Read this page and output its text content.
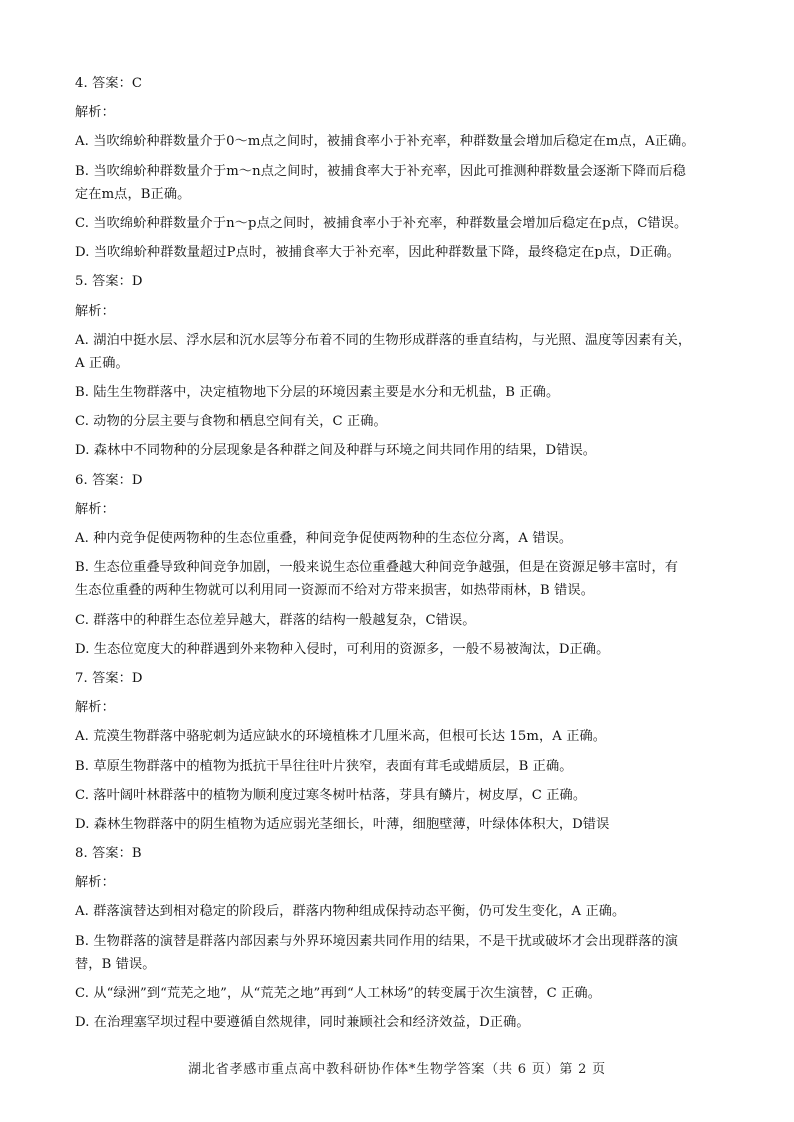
4. 答案：C
解析：
A. 当吹绵蚧种群数量介于0～m点之间时，被捕食率小于补充率，种群数量会增加后稳定在m点，A正确。
B. 当吹绵蚧种群数量介于m～n点之间时，被捕食率大于补充率，因此可推测种群数量会逐渐下降而后稳
定在m点，B正确。
C. 当吹绵蚧种群数量介于n～p点之间时，被捕食率小于补充率，种群数量会增加后稳定在p点，C错误。
D. 当吹绵蚧种群数量超过P点时，被捕食率大于补充率，因此种群数量下降，最终稳定在p点，D正确。
5. 答案：D
解析：
A. 湖泊中挺水层、浮水层和沉水层等分布着不同的生物形成群落的垂直结构，与光照、温度等因素有关，
A 正确。
B. 陆生生物群落中，决定植物地下分层的环境因素主要是水分和无机盐，B 正确。
C. 动物的分层主要与食物和栖息空间有关，C 正确。
D. 森林中不同物种的分层现象是各种群之间及种群与环境之间共同作用的结果，D错误。
6. 答案：D
解析：
A. 种内竞争促使两物种的生态位重叠，种间竞争促使两物种的生态位分离，A 错误。
B. 生态位重叠导致种间竞争加剧，一般来说生态位重叠越大种间竞争越强，但是在资源足够丰富时，有
生态位重叠的两种生物就可以利用同一资源而不给对方带来损害，如热带雨林，B 错误。
C. 群落中的种群生态位差异越大，群落的结构一般越复杂，C错误。
D. 生态位宽度大的种群遇到外来物种入侵时，可利用的资源多，一般不易被淘汰，D正确。
7. 答案：D
解析：
A. 荒漠生物群落中骆驼刺为适应缺水的环境植株才几厘米高，但根可长达 15m，A 正确。
B. 草原生物群落中的植物为抵抗干旱往往叶片狭窄，表面有茸毛或蜡质层，B 正确。
C. 落叶阔叶林群落中的植物为顺利度过寒冬树叶枯落，芽具有鳞片，树皮厚，C 正确。
D. 森林生物群落中的阴生植物为适应弱光茎细长，叶薄，细胞壁薄，叶绿体体积大，D错误
8. 答案：B
解析：
A. 群落演替达到相对稳定的阶段后，群落内物种组成保持动态平衡，仍可发生变化，A 正确。
B. 生物群落的演替是群落内部因素与外界环境因素共同作用的结果，不是干扰或破坏才会出现群落的演
替，B 错误。
C. 从“绿洲”到“荒芜之地”，从“荒芜之地”再到“人工林场”的转变属于次生演替，C 正确。
D. 在治理塞罕坝过程中要遵循自然规律，同时兼顾社会和经济效益，D正确。
湖北省孝感市重点高中教科研协作体*生物学答案（共 6 页）第 2 页
